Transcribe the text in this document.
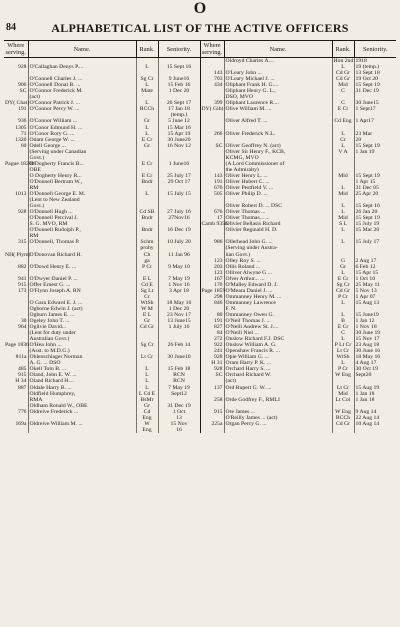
O
84	ALPHABETICAL LIST OF THE ACTIVE OFFICERS
Where serving.	Name.	Rank.	Seniority.	Where serving.	Name.	Rank.	Seniority.
					Oldroyd Charles A....	Hon 2nd	1918
928	O'Callaghan Denys P....	L	15 Sept 16			L	19 (temp.)
				143	O'Leary John ...	Cd Gr	13 Sept 18
	O'Connell Charles J. ...	Sg Cr	9 June16	703	O'Leary Michael J. ...	Cd Gr	19 Oct 20
906	O'Connell Donal B. ...	L	15 Feb 16	434	Oliphant Frank H. G....	Mid	15 Sept 19
SC	O'Connor Frederick M.	Mate	1 Dec 20		Oliphant Henry G. L.,	C	31 Dec 19
	(act)				DSO, MVO		
DY( Chat)	O'Connor Patrick J. ...	L	26 Sept 17	399	Oliphant Laurence R....	C	30 June15
191	O'Connor Percy W. ...	RCCh	17 Jan 18	DY( Gib)	Olive William M. ...	E Cr	1 Sept17
			(temp.)				
936	O'Connor William ...	Gr	5 June 12		Oliver Alfred T. ...	Cd Eng	1 Apr17
1305	O'Conor Edmund H. ...	L	15 Mar 16				
71	O'Conor Rory G. ...	L	15 Apr 19	266	Oliver Frederick N.L.	L	23 Mar
1320	Odam George W. ...	E Cr	30 June20			Cr	20
60	Odell George ...	Gr	16 Nov 12	SC	Oliver Geoffrey N. (act)	L	15 Sept 19
	(Serving under Canadian				Oliver Sir Henry F., KCB,	V A	1 Jan 19
	Govt.)				KCMG, MVO		
Pague 1820b	O'Dogherty Francis B...	E Cr	1 June16		(A Lord Commissioner of		
	OBE				the Admiralty)		
	O Dogherty Henry R...	E Cr	25 July 17	143	Oliver Henry L. ...	Mid	15 Sept 19
	O'Donnell Bertram W.,	Bndr	29 Oct 17	191	Oliver Hubert C. ...		1 Apr 15
	RM			676	Oliver Pestfield V. ...	L	31 Dec 05
1013	O'Donnell George E. M.	L	15 July 15	505	Oliver Philip D. ...	Mid	25 Apr 20
	(Lent to New Zealand						
	Govt.)				Oliver Robert D. ... DSC	L	15 Sept 16
928	O'Donnell Hugh ...	Cd SB	27 July 16	676	Oliver Thomas ...	L	26 Jan 20
	O'Donnell Percival J.	Bndr	27Nov16	17	Oliver Thomas... ...	Mid	15 Sept 19
	S. G. MVO, RM			Camb 935b	Olivier Bellasis Richard	S L	15 July 19
	O'Donnell Rudolph P.,	Bndr	16 Dec 19		Olivier Reginald H. D.	L	15 Mar 20
	RM						
315	O'Donnell, Thomas P.	Schm	10 July 20	986	Ollerhead John G. ...	L	15 July 17
		proby			(Serving under Austra-		
NH( Plym)	O'Donovan Richard H.	Ch	11 Jan 96		lian Govt.)		
		ga		123	Olley Roy S. ...	G	2 Aug 17
882	O'Dowd Henry E. ...	P Cr	9 May 10	203	Ollis Roland ...	Gr	6 Feb 12
				123	Olliver Alwyne G ...	L	15 Apr 15
941	O'Dwyer Daniel P. ...	E L	7 May 19	167	Olver Arthur... ...	E Cr	1 Oct 10
915	Offer Ernest G. ...	Cd E	1 Nov 16	170	O'Malley Edward D. J.	Sg Cr	25 May 11
173	O'Flynn Joseph A. RN	Sg Lt	3 Apr 18	Page 1859	O'Meara Daniel J. ...	Cd Gr	5 Nov 13
		Cr		298	Ommanney Henry M. ...	P Cr	1 Apr 07
	O Gara Edward E. J. ...	WtSh	18 May 16	846	Ommanney Lawrence	L	15 Aug 13
	Ogborne Edwin J. (act)	W M	1 Dec 20		F. N.		
	Ogburn James E. ...	E L	23 Nov 17	80	Ommanney Owen G.	L	15 June19

30	Ogeley John T. ...	Gr	13 June15	191	O'Neil Thomas J. ...	B	1 Jan 12
964	Ogilvie David...	Cd Gr	1 July 16	827	O'Neill Andrew St. J....	E Cr	1 Nov 18
	(Lent for duty under			84	O'Neill Niel ...	C	30 June 19
	Australian Govt.)			272	Onslow Richard F.J. DSC	L	15 Nov 17
Page 1836	O'Hea John ...	Sg Cr	26 Feb 14	922	Onslow William A. G.	P Lt Cr	23 Aug 18
	(Asst. to M.D.G.)			241	Openshaw Francis R. ...	Lt Cr	30 June 16
811a	Ohlenschlager Norman	Lt Cr	30 June10	928	Opie William G. ...	WtSh	18 May 16
	A. G. ... DSO			H 31	Oram Harry P. K. ...	L	4 Aug 17
485	Okell Tom B. ...	L	15 Feb 18	928	Orchard Harry S. ...	P Cr	30 Oct 19
915	Oland, John E. W. ...	L	RCN	SC	Orchard Richard W.	W Eng	Sept20
H 34	Oland Richard H....	L	RCN		(act)		
887	Oldale Harry B. ...	L	7 May 19	137	Ord Rupert G. W. ...	Lt Cr	15 Aug 19
	Oldfield Humphrey,	L Cd E	Sept12			Mid	1 Jan 18
	RMA	BsMr		258	Orde Godfrey F., RMLI	Lt Col	1 Jan 18
	Oldham Ronald W., OBE	Gr	31 Dec 19				
776	Oldreive Frederick ...	Cd	1 Oct	915	Ore James ...	W Eng	9 Aug 14
		Eng	13		O'Reilly James ... (act)	RCCh	22 Aug 14
169a	Oldreive William M. ...	W	15 Nov	225a	Organ Percy G. ...	Cd Gr	10 Aug 14
		Eng	16				
